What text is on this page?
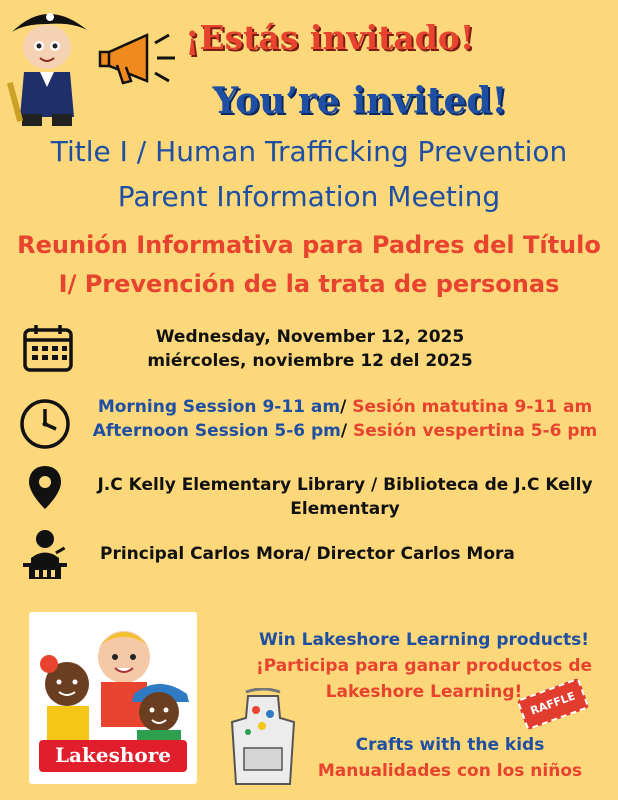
¡Estás invitado!
You’re invited!
Title I / Human Trafficking Prevention
Parent Information Meeting
Reunión Informativa para Padres del Título
I/ Prevención de la trata de personas
Wednesday, November 12, 2025
miércoles, noviembre 12 del 2025
Morning Session 9-11 am/ Sesión matutina 9-11 am
Afternoon Session 5-6 pm/ Sesión vespertina 5-6 pm
J.C Kelly Elementary Library / Biblioteca de J.C Kelly
Elementary
Principal Carlos Mora/ Director Carlos Mora
Lakeshore
Win Lakeshore Learning products!
¡Participa para ganar productos de
Lakeshore Learning! RAFFLE
Crafts with the kids
Manualidades con los niños
